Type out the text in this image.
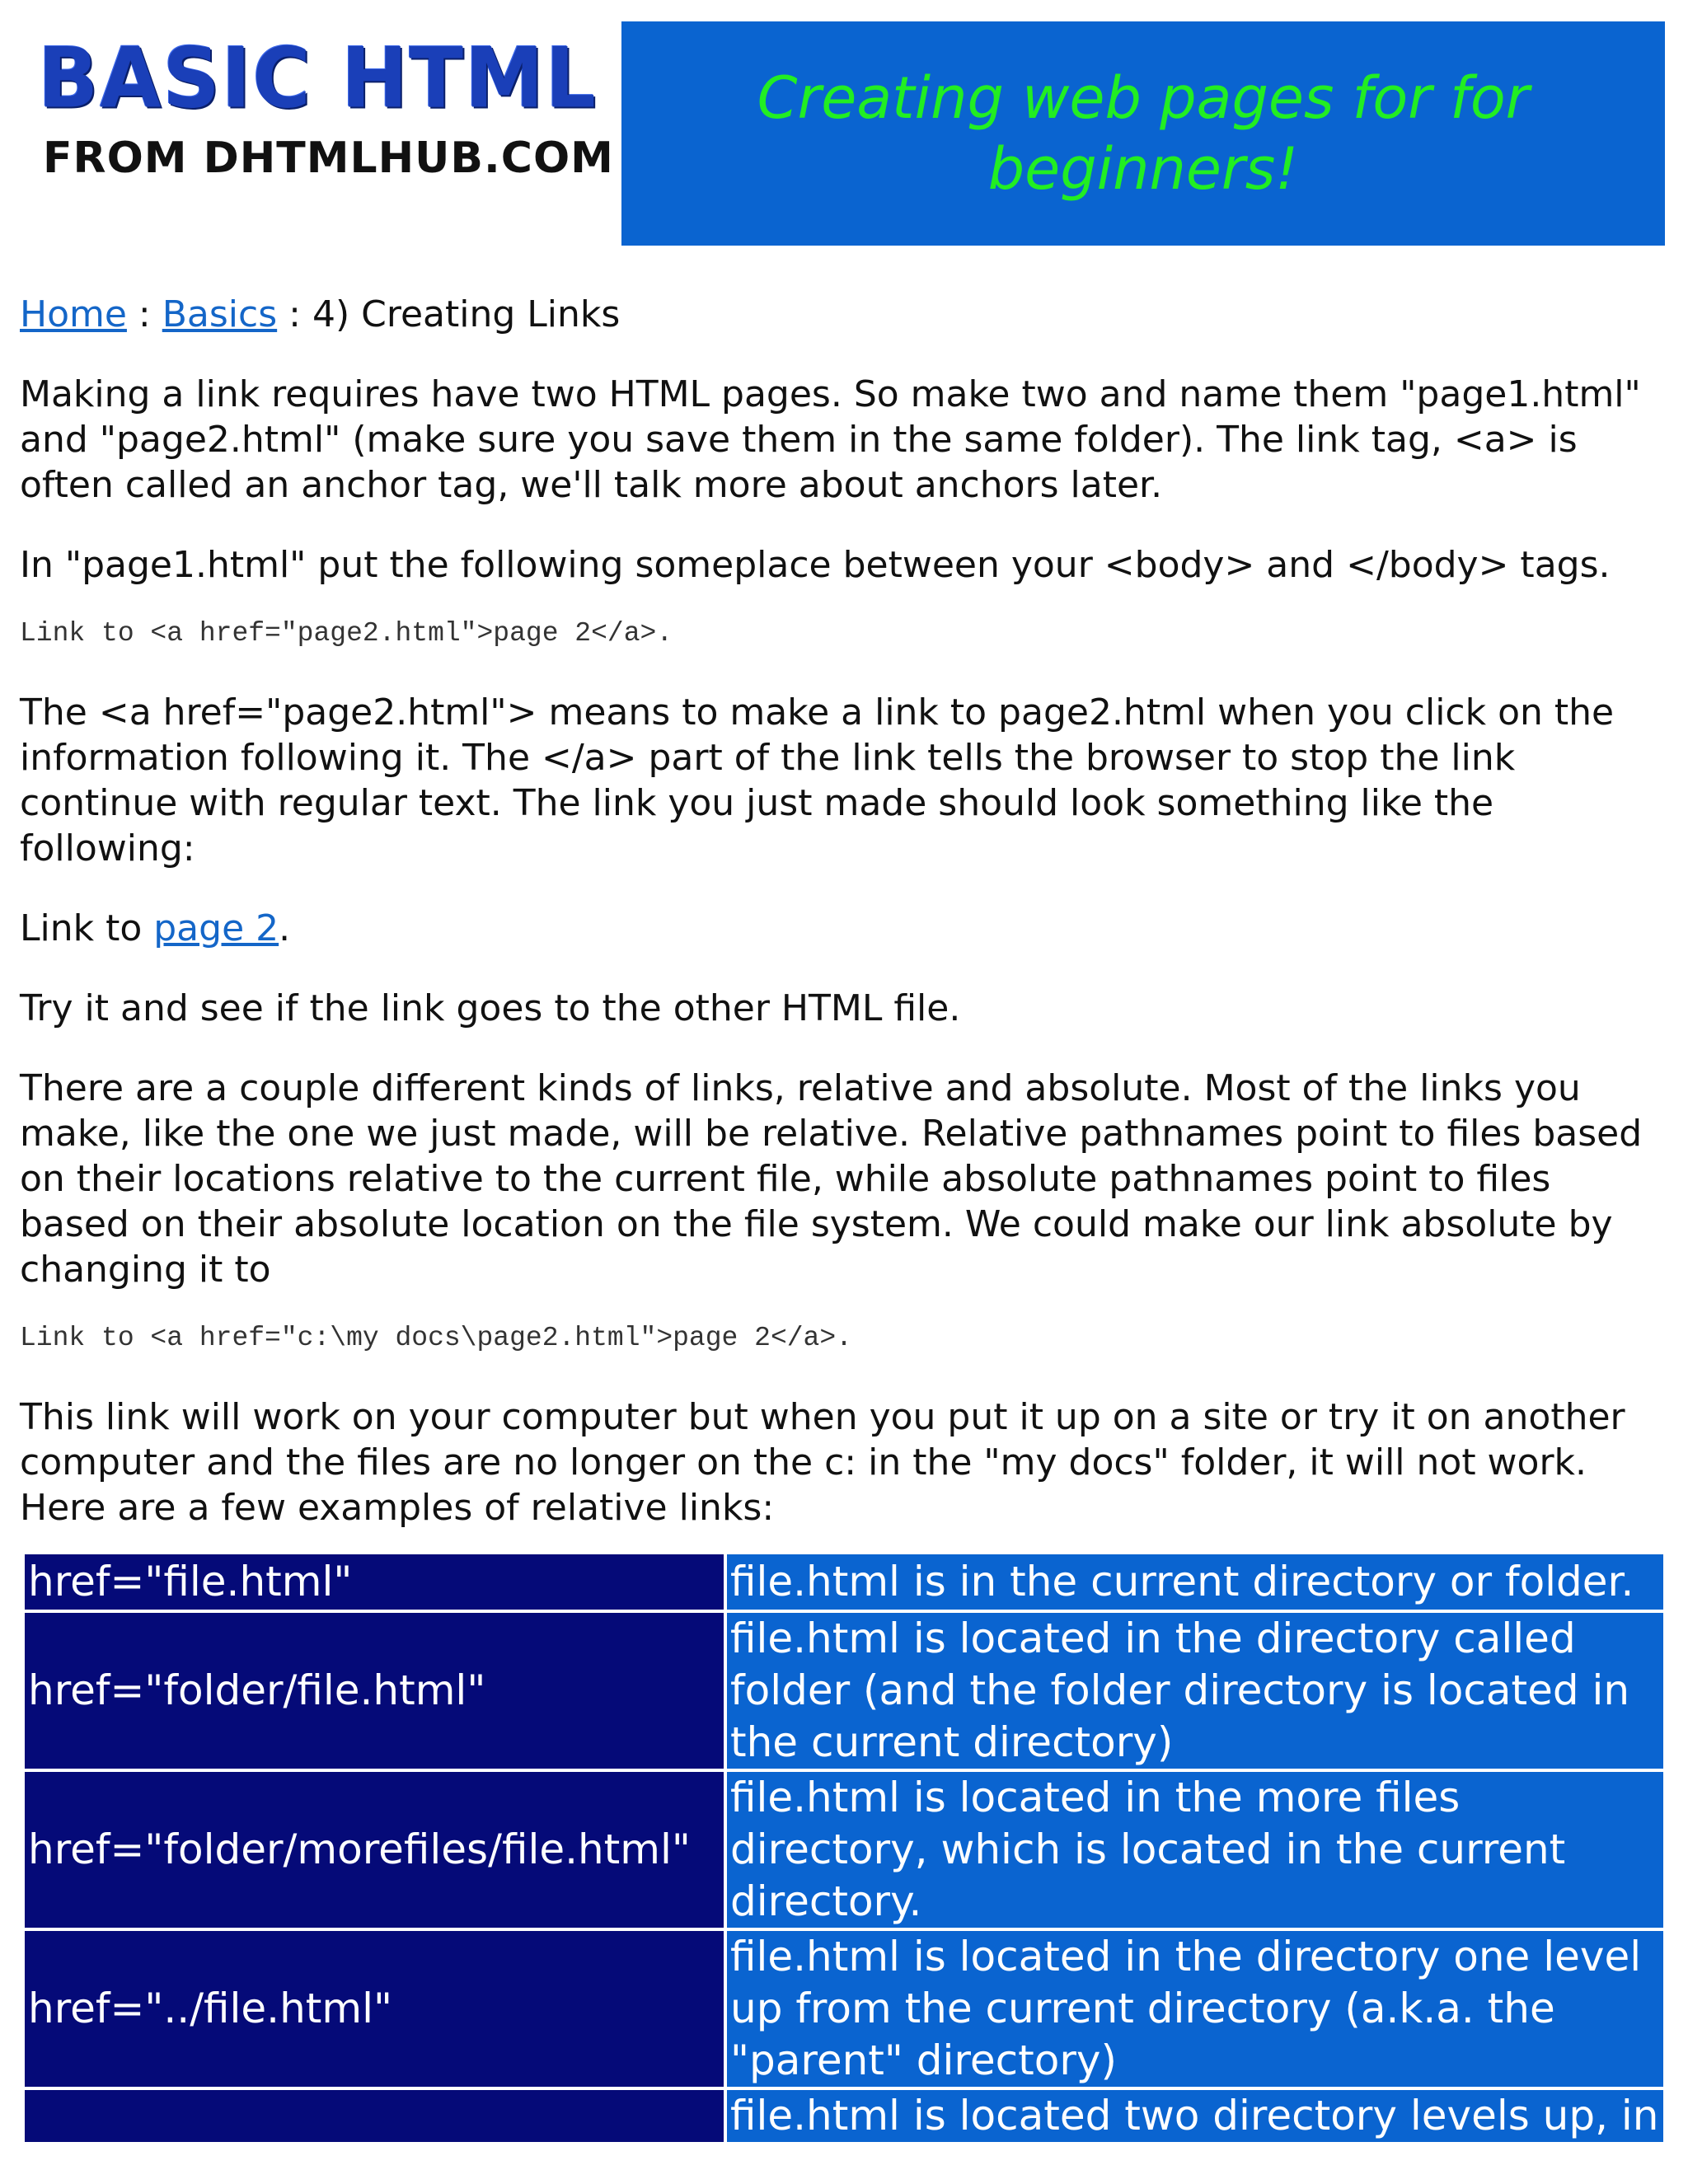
BASIC HTML
FROM DHTMLHUB.COM
Creating web pages for for beginners!

Home : Basics : 4) Creating Links

Making a link requires have two HTML pages. So make two and name them "page1.html" and "page2.html" (make sure you save them in the same folder). The link tag, <a> is often called an anchor tag, we'll talk more about anchors later.

In "page1.html" put the following someplace between your <body> and </body> tags.

Link to <a href="page2.html">page 2</a>.

The <a href="page2.html"> means to make a link to page2.html when you click on the information following it. The </a> part of the link tells the browser to stop the link continue with regular text. The link you just made should look something like the following:

Link to page 2.

Try it and see if the link goes to the other HTML file.

There are a couple different kinds of links, relative and absolute. Most of the links you make, like the one we just made, will be relative. Relative pathnames point to files based on their locations relative to the current file, while absolute pathnames point to files based on their absolute location on the file system. We could make our link absolute by changing it to

Link to <a href="c:\my docs\page2.html">page 2</a>.

This link will work on your computer but when you put it up on a site or try it on another computer and the files are no longer on the c: in the "my docs" folder, it will not work. Here are a few examples of relative links:

href="file.html"	file.html is in the current directory or folder.
href="folder/file.html"	file.html is located in the directory called folder (and the folder directory is located in the current directory)
href="folder/morefiles/file.html"	file.html is located in the more files directory, which is located in the current directory.
href="../file.html"	file.html is located in the directory one level up from the current directory (a.k.a. the "parent" directory)
	file.html is located two directory levels up, in
